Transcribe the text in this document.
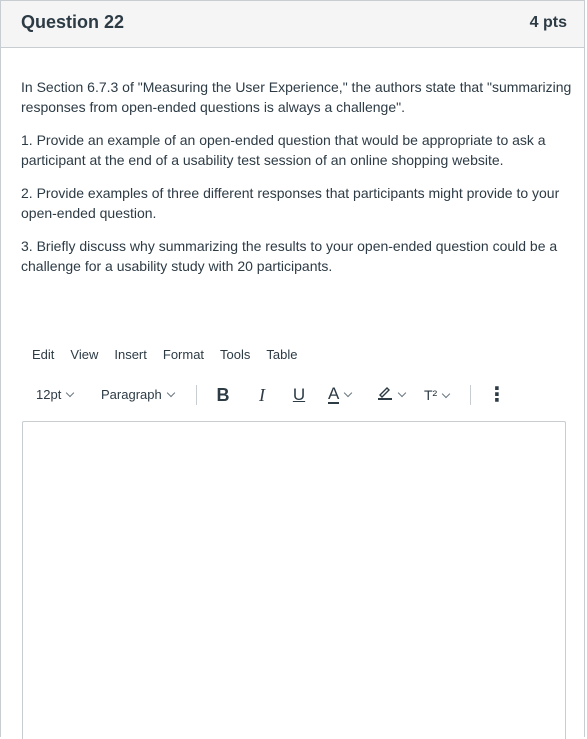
Question 22	4 pts

In Section 6.7.3 of "Measuring the User Experience," the authors state that "summarizing responses from open-ended questions is always a challenge".

1. Provide an example of an open-ended question that would be appropriate to ask a participant at the end of a usability test session of an online shopping website.

2. Provide examples of three different responses that participants might provide to your open-ended question.

3. Briefly discuss why summarizing the results to your open-ended question could be a challenge for a usability study with 20 participants.

Edit View Insert Format Tools Table
12pt	Paragraph	B	I	U A	T²	⋮
